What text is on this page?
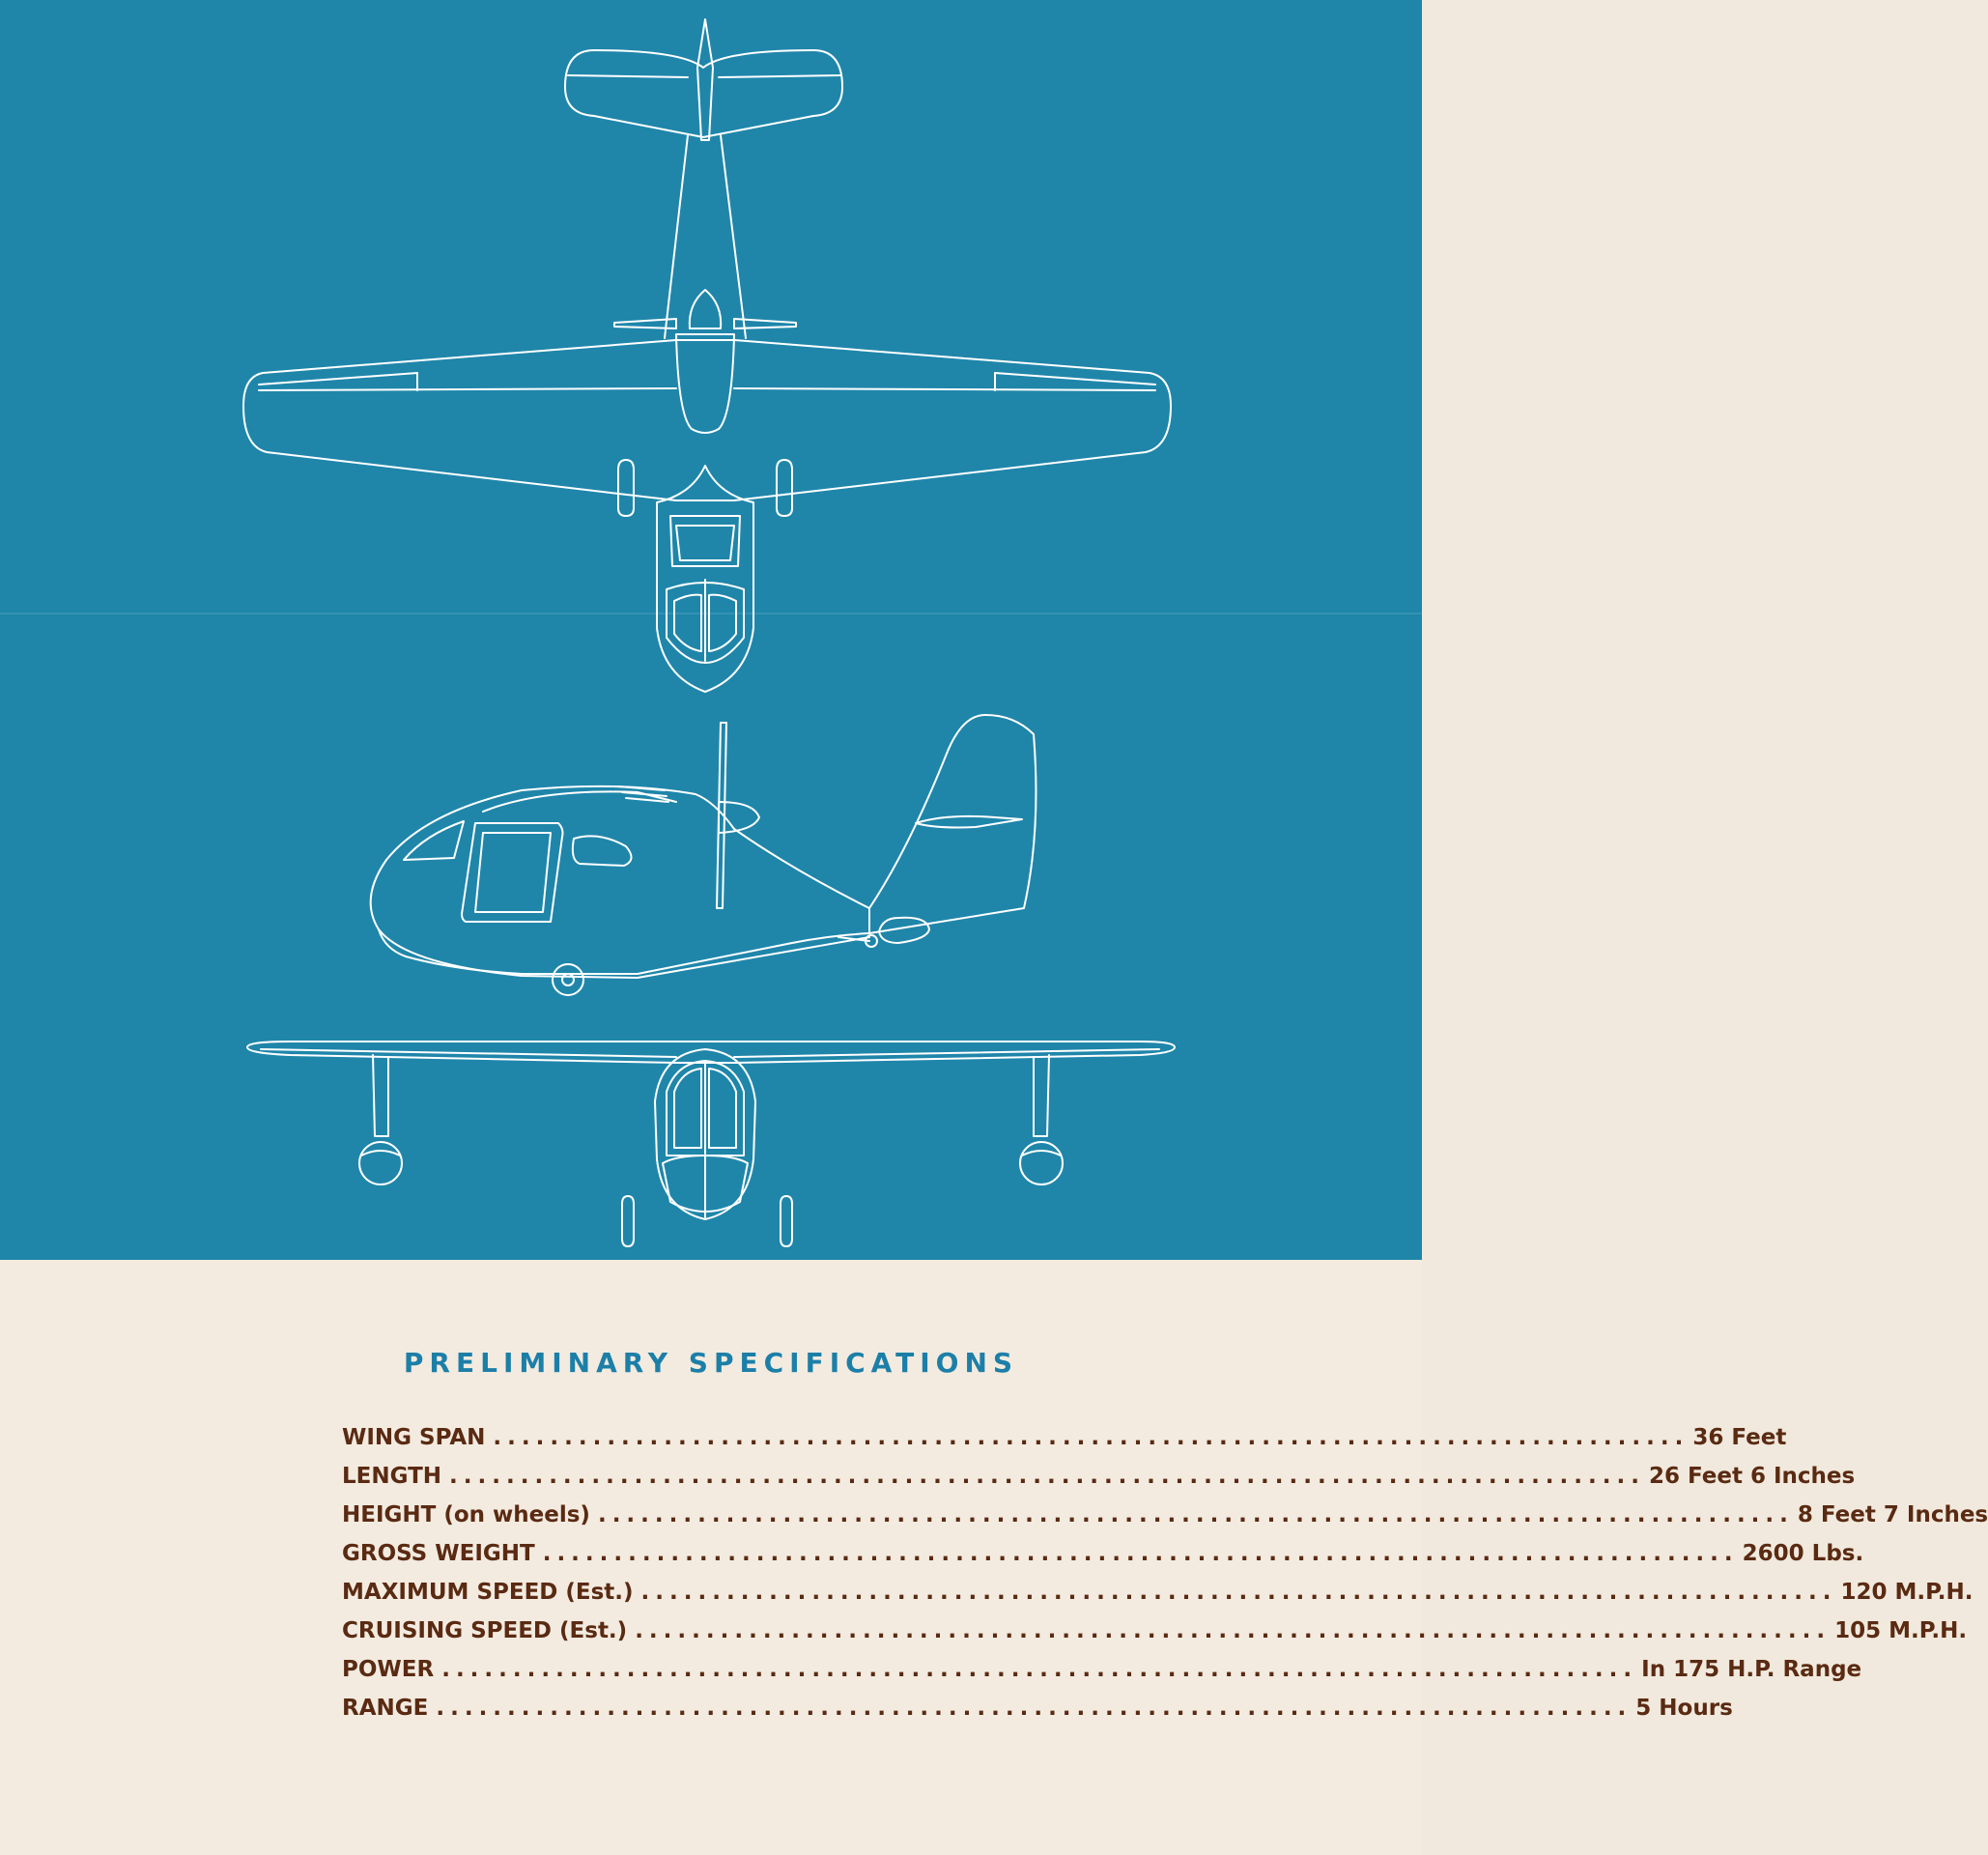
PRELIMINARY SPECIFICATIONS
WING SPAN .................................................................................... 36 Feet
LENGTH .................................................................................... 26 Feet 6 Inches
HEIGHT (on wheels) .................................................................................... 8 Feet 7 Inches
GROSS WEIGHT .................................................................................... 2600 Lbs.
MAXIMUM SPEED (Est.) .................................................................................... 120 M.P.H.
CRUISING SPEED (Est.) .................................................................................... 105 M.P.H.
POWER .................................................................................... In 175 H.P. Range
RANGE .................................................................................... 5 Hours
